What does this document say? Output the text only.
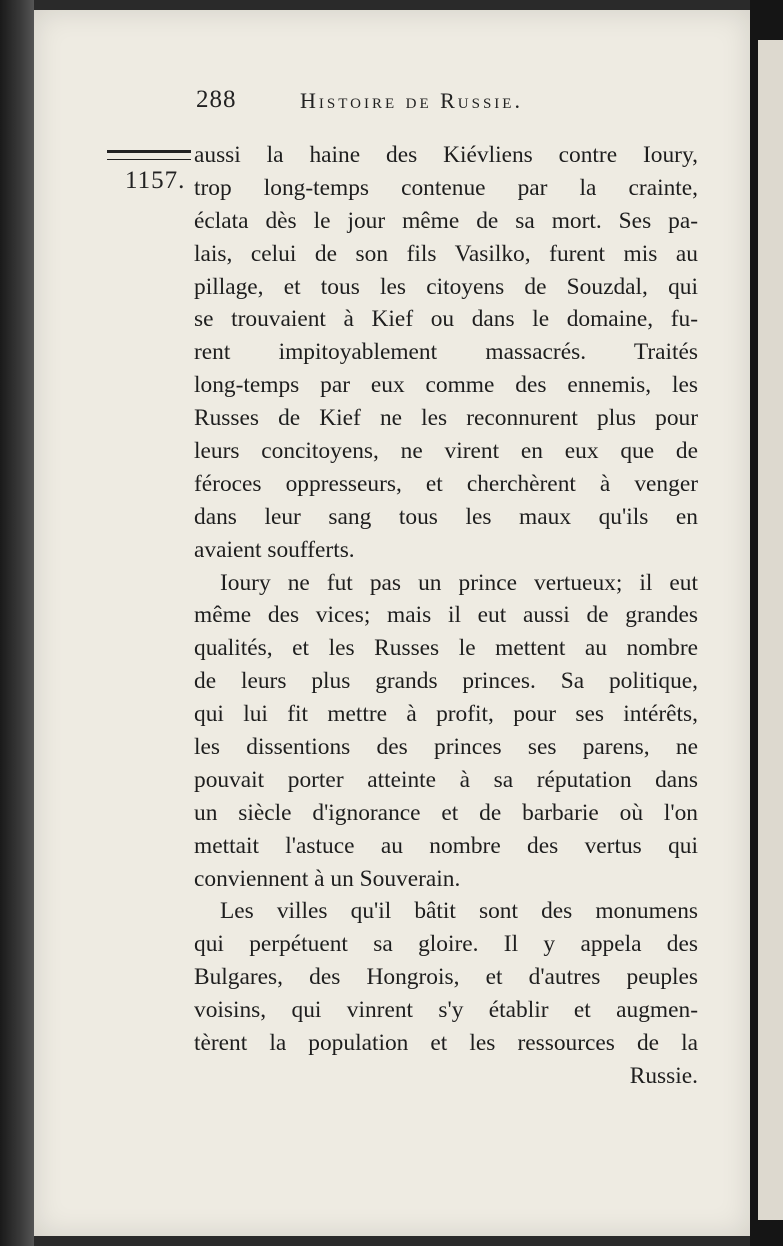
288	Histoire de Russie.
1157.
aussi la haine des Kiévliens contre Ioury,
trop long-temps contenue par la crainte,
éclata dès le jour même de sa mort. Ses pa-
lais, celui de son fils Vasilko, furent mis au
pillage, et tous les citoyens de Souzdal, qui
se trouvaient à Kief ou dans le domaine, fu-
rent impitoyablement massacrés. Traités
long-temps par eux comme des ennemis, les
Russes de Kief ne les reconnurent plus pour
leurs concitoyens, ne virent en eux que de
féroces oppresseurs, et cherchèrent à venger
dans leur sang tous les maux qu'ils en
avaient soufferts.
Ioury ne fut pas un prince vertueux; il eut
même des vices; mais il eut aussi de grandes
qualités, et les Russes le mettent au nombre
de leurs plus grands princes. Sa politique,
qui lui fit mettre à profit, pour ses intérêts,
les dissentions des princes ses parens, ne
pouvait porter atteinte à sa réputation dans
un siècle d'ignorance et de barbarie où l'on
mettait l'astuce au nombre des vertus qui
conviennent à un Souverain.
Les villes qu'il bâtit sont des monumens
qui perpétuent sa gloire. Il y appela des
Bulgares, des Hongrois, et d'autres peuples
voisins, qui vinrent s'y établir et augmen-
tèrent la population et les ressources de la
Russie.
